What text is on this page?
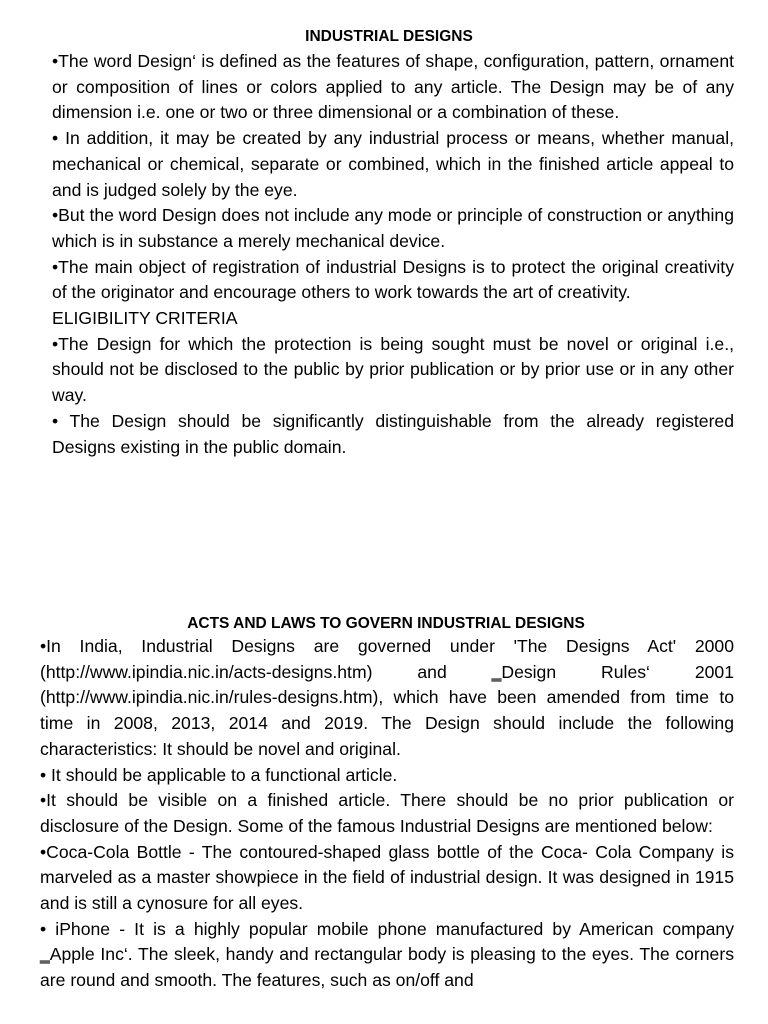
INDUSTRIAL DESIGNS

•The word Design‘ is defined as the features of shape, configuration, pattern, ornament or composition of lines or colors applied to any article. The Design may be of any dimension i.e. one or two or three dimensional or a combination of these.

• In addition, it may be created by any industrial process or means, whether manual, mechanical or chemical, separate or combined, which in the finished article appeal to and is judged solely by the eye.

•But the word Design does not include any mode or principle of construction or anything which is in substance a merely mechanical device.

•The main object of registration of industrial Designs is to protect the original creativity of the originator and encourage others to work towards the art of creativity.

ELIGIBILITY CRITERIA

•The Design for which the protection is being sought must be novel or original i.e., should not be disclosed to the public by prior publication or by prior use or in any other way.

• The Design should be significantly distinguishable from the already registered Designs existing in the public domain.

ACTS AND LAWS TO GOVERN INDUSTRIAL DESIGNS

•In India, Industrial Designs are governed under 'The Designs Act' 2000 (http://www.ipindia.nic.in/acts-designs.htm) and ‗Design Rules‘ 2001 (http://www.ipindia.nic.in/rules-designs.htm), which have been amended from time to time in 2008, 2013, 2014 and 2019. The Design should include the following characteristics: It should be novel and original.

• It should be applicable to a functional article.

•It should be visible on a finished article. There should be no prior publication or disclosure of the Design. Some of the famous Industrial Designs are mentioned below:

•Coca-Cola Bottle - The contoured-shaped glass bottle of the Coca- Cola Company is marveled as a master showpiece in the field of industrial design. It was designed in 1915 and is still a cynosure for all eyes.

• iPhone - It is a highly popular mobile phone manufactured by American company ‗Apple Inc‘. The sleek, handy and rectangular body is pleasing to the eyes. The corners are round and smooth. The features, such as on/off and
